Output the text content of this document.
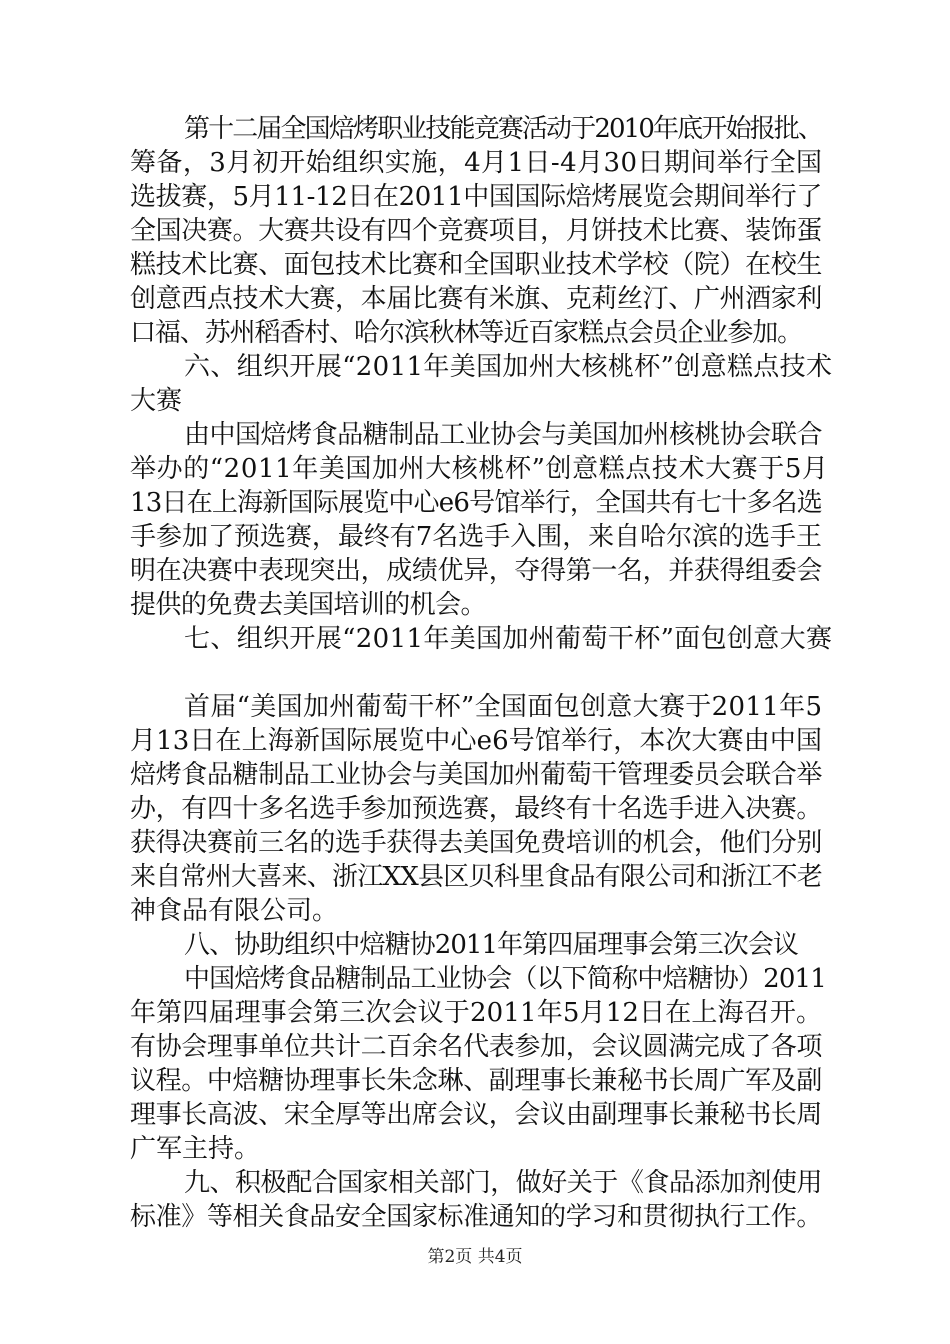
第十二届全国焙烤职业技能竞赛活动于2010年底开始报批、
筹备，3月初开始组织实施，4月1日-4月30日期间举行全国
选拔赛，5月11-12日在2011中国国际焙烤展览会期间举行了
全国决赛。大赛共设有四个竞赛项目，月饼技术比赛、装饰蛋
糕技术比赛、面包技术比赛和全国职业技术学校（院）在校生
创意西点技术大赛，本届比赛有米旗、克莉丝汀、广州酒家利
口福、苏州稻香村、哈尔滨秋林等近百家糕点会员企业参加。
六、组织开展“2011年美国加州大核桃杯”创意糕点技术
大赛
由中国焙烤食品糖制品工业协会与美国加州核桃协会联合
举办的“2011年美国加州大核桃杯”创意糕点技术大赛于5月
13日在上海新国际展览中心e6号馆举行，全国共有七十多名选
手参加了预选赛，最终有7名选手入围，来自哈尔滨的选手王
明在决赛中表现突出，成绩优异，夺得第一名，并获得组委会
提供的免费去美国培训的机会。
七、组织开展“2011年美国加州葡萄干杯”面包创意大赛
首届“美国加州葡萄干杯”全国面包创意大赛于2011年5
月13日在上海新国际展览中心e6号馆举行，本次大赛由中国
焙烤食品糖制品工业协会与美国加州葡萄干管理委员会联合举
办，有四十多名选手参加预选赛，最终有十名选手进入决赛。
获得决赛前三名的选手获得去美国免费培训的机会，他们分别
来自常州大喜来、浙江XX县区贝科里食品有限公司和浙江不老
神食品有限公司。
八、协助组织中焙糖协2011年第四届理事会第三次会议
中国焙烤食品糖制品工业协会（以下简称中焙糖协）2011
年第四届理事会第三次会议于2011年5月12日在上海召开。
有协会理事单位共计二百余名代表参加，会议圆满完成了各项
议程。中焙糖协理事长朱念琳、副理事长兼秘书长周广军及副
理事长高波、宋全厚等出席会议，会议由副理事长兼秘书长周
广军主持。
九、积极配合国家相关部门，做好关于《食品添加剂使用
标准》等相关食品安全国家标准通知的学习和贯彻执行工作。
第2页 共4页
